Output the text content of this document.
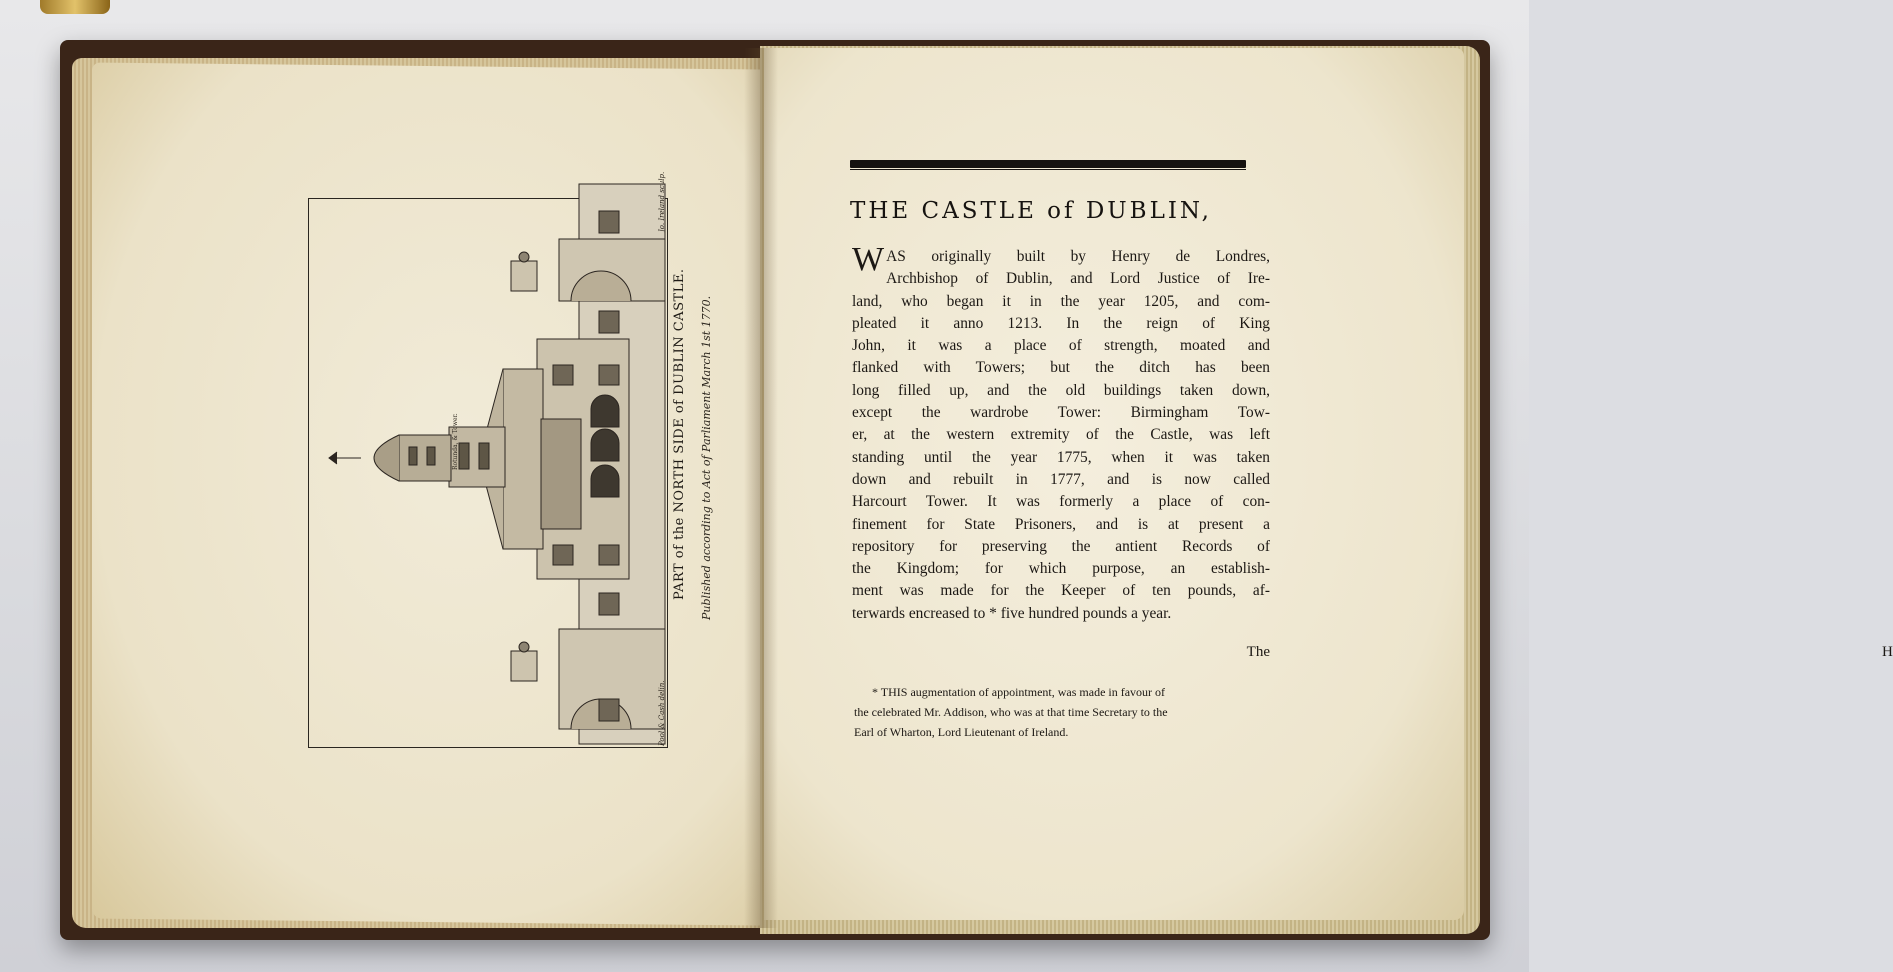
Rotunda, & Tower.	PART of the NORTH SIDE of DUBLIN CASTLE. Published according to Act of Parliament March 1st 1770.
Pool & Cash delin.
Jo. Ireland sculp.	THE CASTLE of DUBLIN,
W AS originally built by Henry de Londres,
Archbishop of Dublin, and Lord Justice of Ire-
land, who began it in the year 1205, and com-
pleated it anno 1213. In the reign of King
John, it was a place of strength, moated and
flanked with Towers; but the ditch has been
long filled up, and the old buildings taken down,
except the wardrobe Tower: Birmingham Tow-
er, at the western extremity of the Castle, was left
standing until the year 1775, when it was taken
down and rebuilt in 1777, and is now called
Harcourt Tower. It was formerly a place of con-
finement for State Prisoners, and is at present a
repository for preserving the antient Records of
the Kingdom; for which purpose, an establish-
ment was made for the Keeper of ten pounds, af-
terwards encreased to * five hundred pounds a year.
H
The
* THIS augmentation of appointment, was made in favour of
the celebrated Mr. Addison, who was at that time Secretary to the
Earl of Wharton, Lord Lieutenant of Ireland.
